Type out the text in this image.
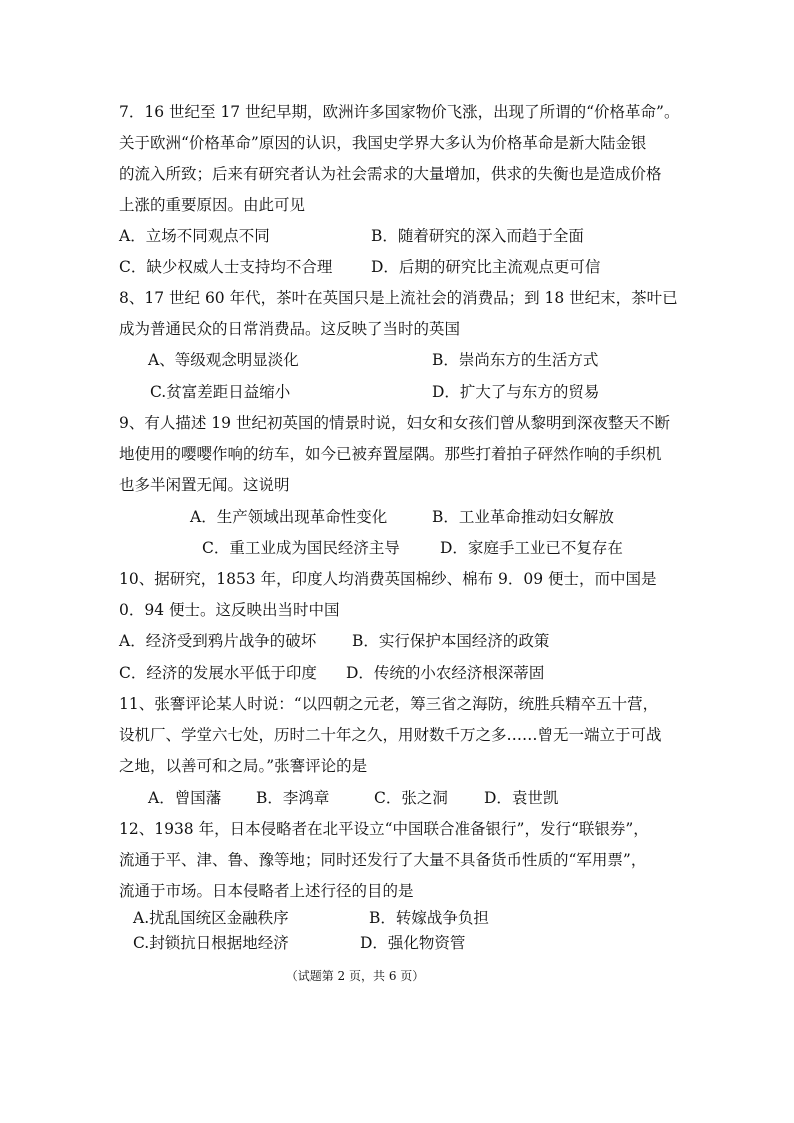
7．16 世纪至 17 世纪早期，欧洲许多国家物价飞涨，出现了所谓的“价格革命”。
关于欧洲“价格革命”原因的认识，我国史学界大多认为价格革命是新大陆金银
的流入所致；后来有研究者认为社会需求的大量增加，供求的失衡也是造成价格
上涨的重要原因。由此可见
A．立场不同观点不同	B．随着研究的深入而趋于全面
C．缺少权威人士支持均不合理 D．后期的研究比主流观点更可信
8、17 世纪 60 年代，茶叶在英国只是上流社会的消费品；到 18 世纪末，茶叶已
成为普通民众的日常消费品。这反映了当时的英国
A、等级观念明显淡化	B．崇尚东方的生活方式
C.贫富差距日益缩小	D．扩大了与东方的贸易
9、有人描述 19 世纪初英国的情景时说，妇女和女孩们曾从黎明到深夜整天不断
地使用的嘤嘤作响的纺车，如今已被弃置屋隅。那些打着拍子砰然作响的手织机
也多半闲置无闻。这说明
A．生产领域出现革命性变化	B．工业革命推动妇女解放
C．重工业成为国民经济主导	D．家庭手工业已不复存在
10、据研究，1853 年，印度人均消费英国棉纱、棉布 9．09 便士，而中国是
0．94 便士。这反映出当时中国
A．经济受到鸦片战争的破坏 B．实行保护本国经济的政策
C．经济的发展水平低于印度 D．传统的小农经济根深蒂固
11、张謇评论某人时说：“以四朝之元老，筹三省之海防，统胜兵精卒五十营，
设机厂、学堂六七处，历时二十年之久，用财数千万之多……曾无一端立于可战
之地，以善可和之局。”张謇评论的是
A．曾国藩 B．李鸿章	C．张之洞 D．袁世凯
12、1938 年，日本侵略者在北平设立“中国联合准备银行”，发行“联银券”，
流通于平、津、鲁、豫等地；同时还发行了大量不具备货币性质的“军用票”，
流通于市场。日本侵略者上述行径的目的是
A.扰乱国统区金融秩序	B．转嫁战争负担
C.封锁抗日根据地经济	D．强化物资管
（试题第 2 页，共 6 页）
